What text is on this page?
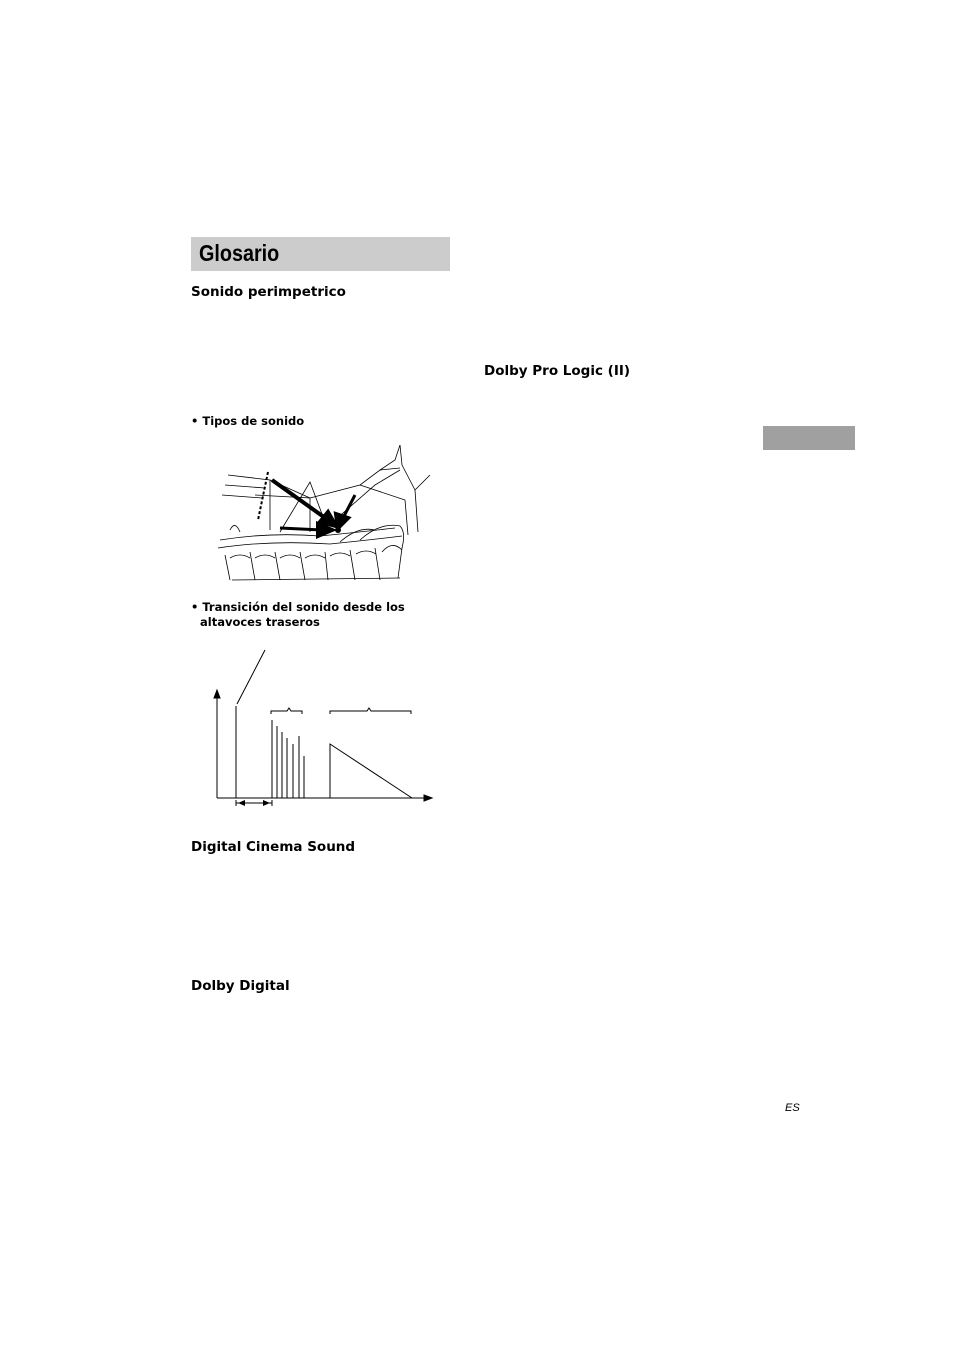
Glosario
Sonido perimpetrico
Dolby Pro Logic (II)
• Tipos de sonido
• Transición del sonido desde los
altavoces traseros
Digital Cinema Sound
Dolby Digital
ES
